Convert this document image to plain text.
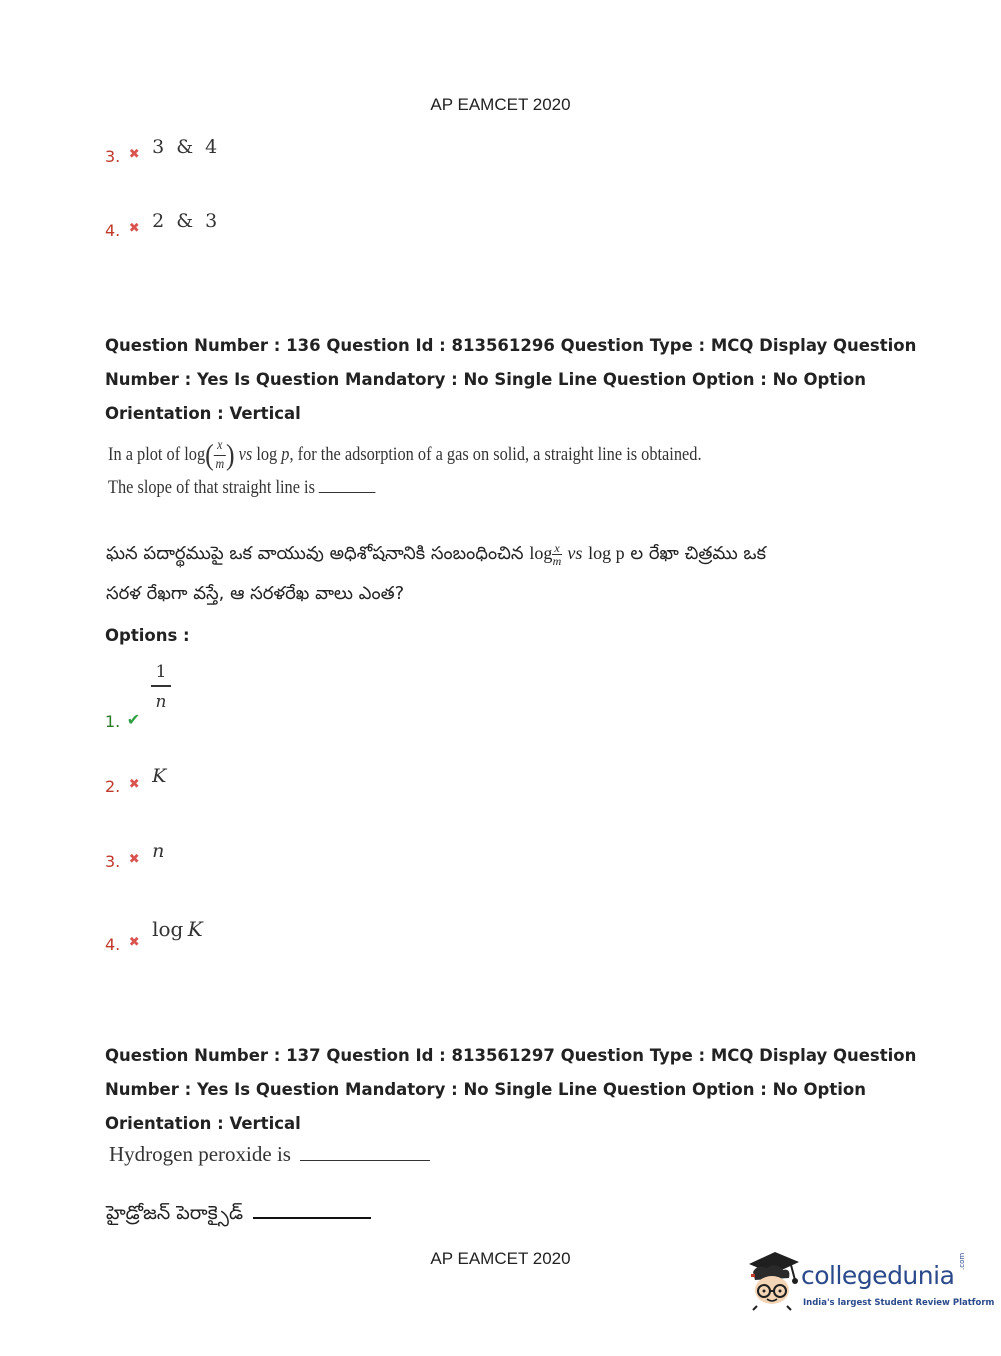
AP EAMCET 2020
3. $_✖$ 3 & 4
4. $_✖$ 2 & 3
Question Number : 136 Question Id : 813561296 Question Type : MCQ Display Question
Number : Yes Is Question Mandatory : No Single Line Question Option : No Option
Orientation : Vertical
In a plot of $\log( \frac{x}{m}$ ) vs log p, for the adsorption of a gas on solid, a straight line is obtained.
The slope of that straight line is
ఘన పదార్థముపై ఒక వాయువు అధిశోషనానికి సంబంధించిన $\log \frac{x}{m}$ vs log p ల రేఖా చిత్రము ఒక
సరళ రేఖగా వస్తే, ఆ సరళరేఖ వాలు ఎంత?
Options :
1. ✔
$\frac{1}{n}$
2. $_✖$ K
3. $_✖$ n
4. $_✖$ log K
Question Number : 137 Question Id : 813561297 Question Type : MCQ Display Question
Number : Yes Is Question Mandatory : No Single Line Question Option : No Option
Orientation : Vertical
Hydrogen peroxide is
హైడ్రోజన్ పెరాక్సైడ్
AP EAMCET 2020
collegedunia .com
India's largest Student Review Platform
